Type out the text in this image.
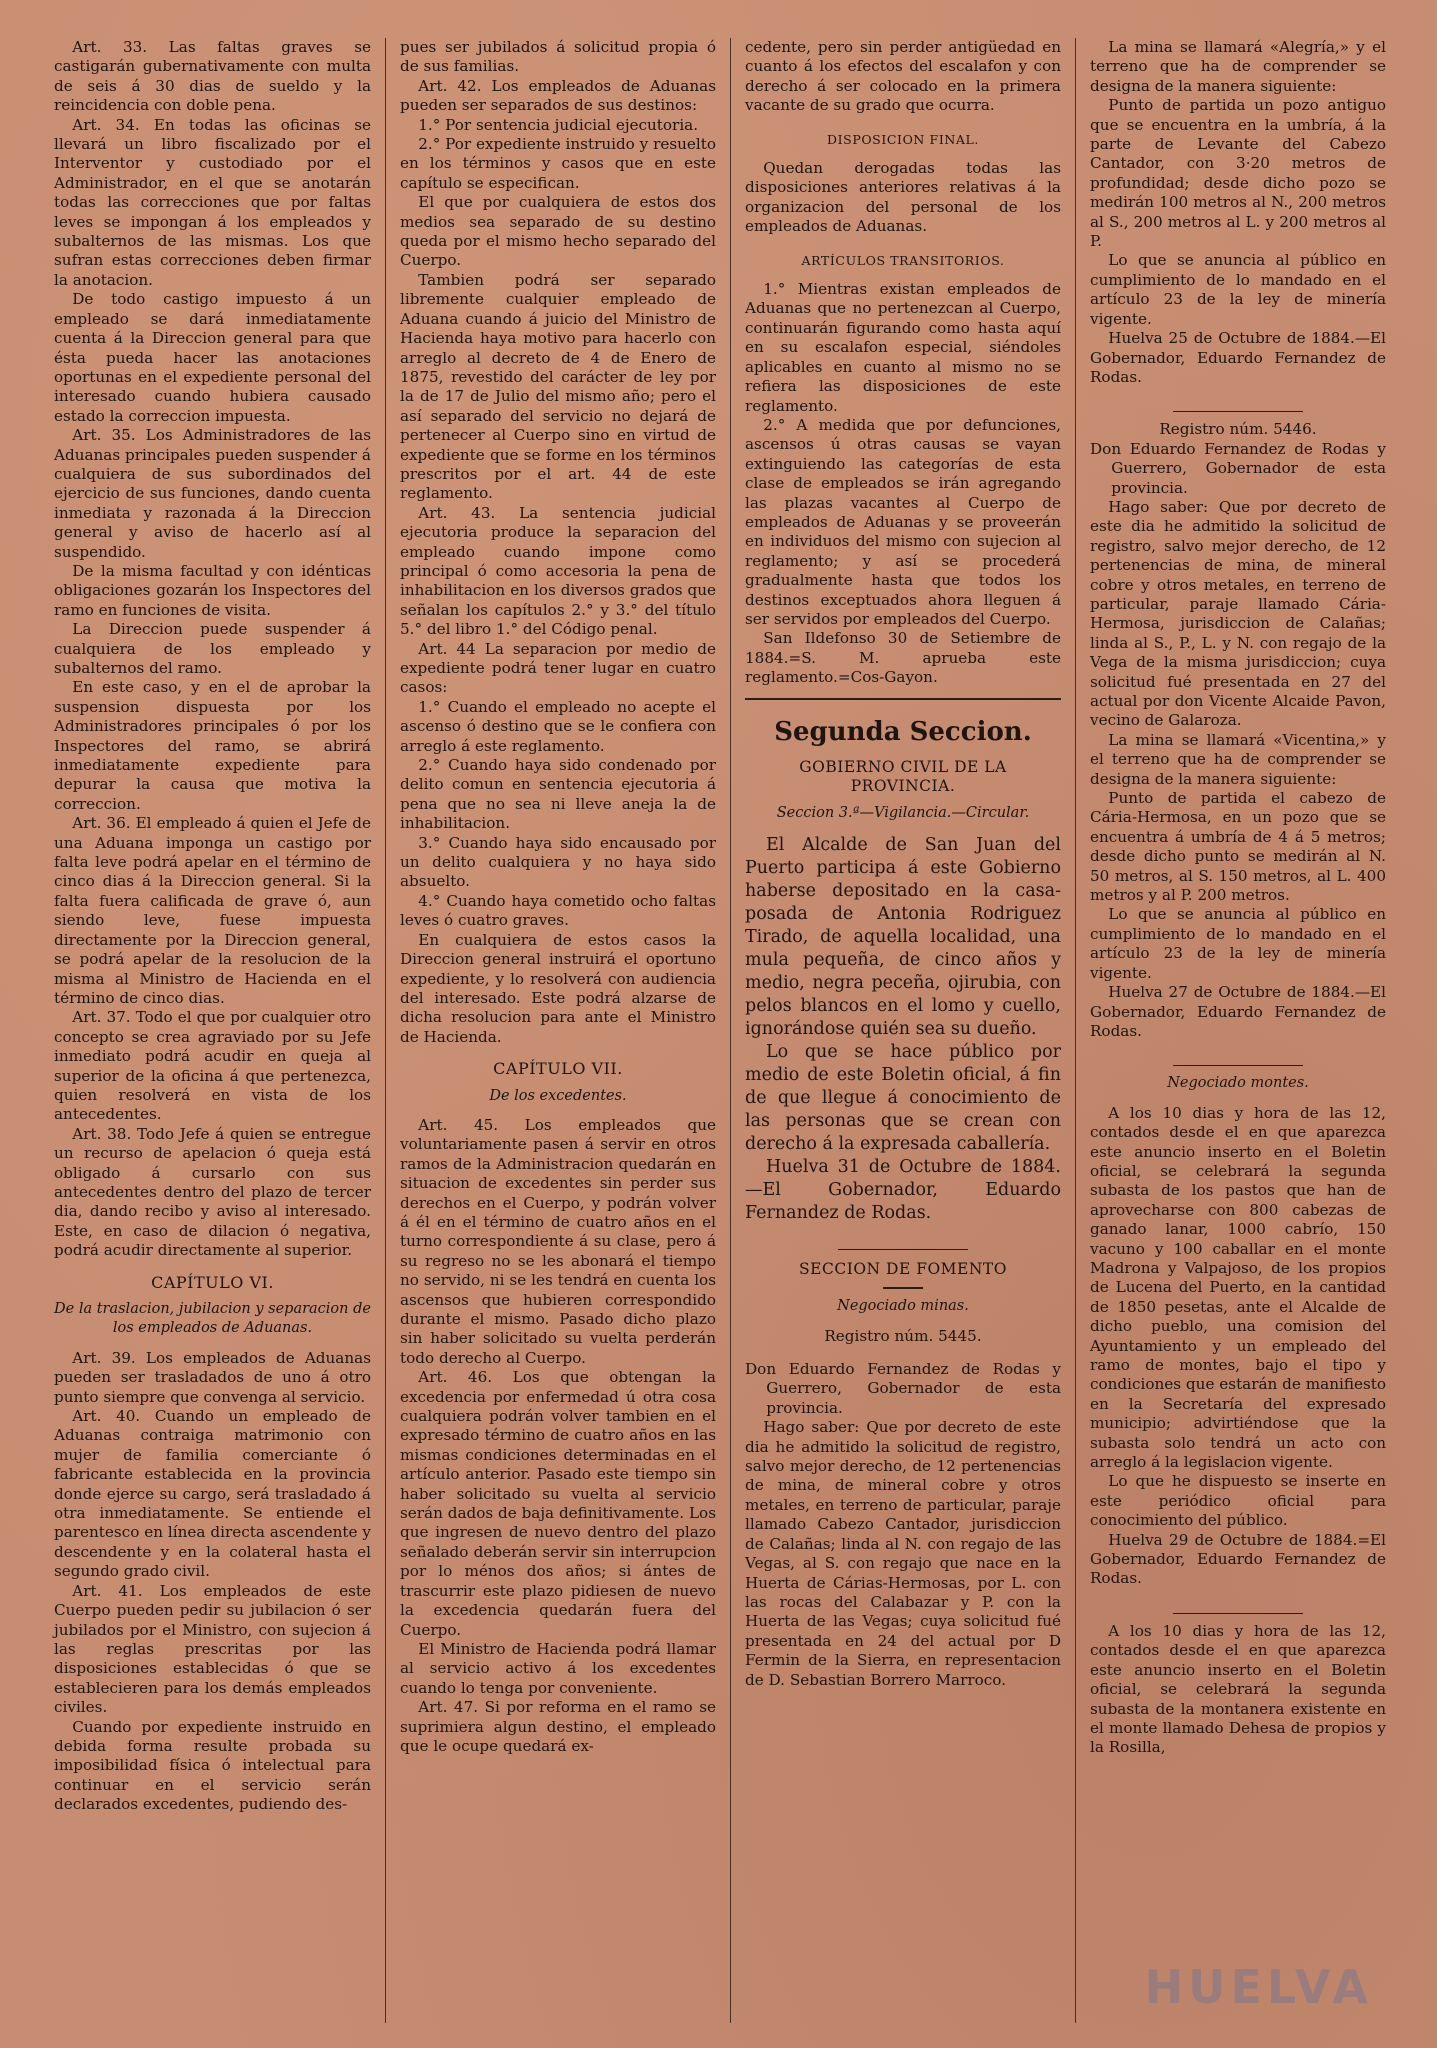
Art. 33. Las faltas graves se castigarán gubernativamente con multa de seis á 30 dias de sueldo y la reincidencia con doble pena.

Art. 34. En todas las oficinas se llevará un libro fiscalizado por el Interventor y custodiado por el Administrador, en el que se anotarán todas las correcciones que por faltas leves se impongan á los empleados y subalternos de las mismas. Los que sufran estas correcciones deben firmar la anotacion.

De todo castigo impuesto á un empleado se dará inmediatamente cuenta á la Direccion general para que ésta pueda hacer las anotaciones oportunas en el expediente personal del interesado cuando hubiera causado estado la correccion impuesta.

Art. 35. Los Administradores de las Aduanas principales pueden suspender á cualquiera de sus subordinados del ejercicio de sus funciones, dando cuenta inmediata y razonada á la Direccion general y aviso de hacerlo así al suspendido.

De la misma facultad y con idénticas obligaciones gozarán los Inspectores del ramo en funciones de visita.

La Direccion puede suspender á cualquiera de los empleado y subalternos del ramo.

En este caso, y en el de aprobar la suspension dispuesta por los Administradores principales ó por los Inspectores del ramo, se abrirá inmediatamente expediente para depurar la causa que motiva la correccion.

Art. 36. El empleado á quien el Jefe de una Aduana imponga un castigo por falta leve podrá apelar en el término de cinco dias á la Direccion general. Si la falta fuera calificada de grave ó, aun siendo leve, fuese impuesta directamente por la Direccion general, se podrá apelar de la resolucion de la misma al Ministro de Hacienda en el término de cinco dias.

Art. 37. Todo el que por cualquier otro concepto se crea agraviado por su Jefe inmediato podrá acudir en queja al superior de la oficina á que pertenezca, quien resolverá en vista de los antecedentes.

Art. 38. Todo Jefe á quien se entregue un recurso de apelacion ó queja está obligado á cursarlo con sus antecedentes dentro del plazo de tercer dia, dando recibo y aviso al interesado. Este, en caso de dilacion ó negativa, podrá acudir directamente al superior.

CAPÍTULO VI.
De la traslacion, jubilacion y separacion de los empleados de Aduanas.

Art. 39. Los empleados de Aduanas pueden ser trasladados de uno á otro punto siempre que convenga al servicio.

Art. 40. Cuando un empleado de Aduanas contraiga matrimonio con mujer de familia comerciante ó fabricante establecida en la provincia donde ejerce su cargo, será trasladado á otra inmediatamente. Se entiende el parentesco en línea directa ascendente y descendente y en la colateral hasta el segundo grado civil.

Art. 41. Los empleados de este Cuerpo pueden pedir su jubilacion ó ser jubilados por el Ministro, con sujecion á las reglas prescritas por las disposiciones establecidas ó que se establecieren para los demás empleados civiles.

Cuando por expediente instruido en debida forma resulte probada su imposibilidad física ó intelectual para continuar en el servicio serán declarados excedentes, pudiendo des-

pues ser jubilados á solicitud propia ó de sus familias.

Art. 42. Los empleados de Aduanas pueden ser separados de sus destinos:

1.° Por sentencia judicial ejecutoria.

2.° Por expediente instruido y resuelto en los términos y casos que en este capítulo se especifican.

El que por cualquiera de estos dos medios sea separado de su destino queda por el mismo hecho separado del Cuerpo.

Tambien podrá ser separado libremente cualquier empleado de Aduana cuando á juicio del Ministro de Hacienda haya motivo para hacerlo con arreglo al decreto de 4 de Enero de 1875, revestido del carácter de ley por la de 17 de Julio del mismo año; pero el así separado del servicio no dejará de pertenecer al Cuerpo sino en virtud de expediente que se forme en los términos prescritos por el art. 44 de este reglamento.

Art. 43. La sentencia judicial ejecutoria produce la separacion del empleado cuando impone como principal ó como accesoria la pena de inhabilitacion en los diversos grados que señalan los capítulos 2.° y 3.° del título 5.° del libro 1.° del Código penal.

Art. 44 La separacion por medio de expediente podrá tener lugar en cuatro casos:

1.° Cuando el empleado no acepte el ascenso ó destino que se le confiera con arreglo á este reglamento.

2.° Cuando haya sido condenado por delito comun en sentencia ejecutoria á pena que no sea ni lleve aneja la de inhabilitacion.

3.° Cuando haya sido encausado por un delito cualquiera y no haya sido absuelto.

4.° Cuando haya cometido ocho faltas leves ó cuatro graves.

En cualquiera de estos casos la Direccion general instruirá el oportuno expediente, y lo resolverá con audiencia del interesado. Este podrá alzarse de dicha resolucion para ante el Ministro de Hacienda.

CAPÍTULO VII.
De los excedentes.

Art. 45. Los empleados que voluntariamente pasen á servir en otros ramos de la Administracion quedarán en situacion de excedentes sin perder sus derechos en el Cuerpo, y podrán volver á él en el término de cuatro años en el turno correspondiente á su clase, pero á su regreso no se les abonará el tiempo no servido, ni se les tendrá en cuenta los ascensos que hubieren correspondido durante el mismo. Pasado dicho plazo sin haber solicitado su vuelta perderán todo derecho al Cuerpo.

Art. 46. Los que obtengan la excedencia por enfermedad ú otra cosa cualquiera podrán volver tambien en el expresado término de cuatro años en las mismas condiciones determinadas en el artículo anterior. Pasado este tiempo sin haber solicitado su vuelta al servicio serán dados de baja definitivamente. Los que ingresen de nuevo dentro del plazo señalado deberán servir sin interrupcion por lo ménos dos años; si ántes de trascurrir este plazo pidiesen de nuevo la excedencia quedarán fuera del Cuerpo.

El Ministro de Hacienda podrá llamar al servicio activo á los excedentes cuando lo tenga por conveniente.

Art. 47. Si por reforma en el ramo se suprimiera algun destino, el empleado que le ocupe quedará ex-

cedente, pero sin perder antigüedad en cuanto á los efectos del escalafon y con derecho á ser colocado en la primera vacante de su grado que ocurra.

DISPOSICION FINAL.

Quedan derogadas todas las disposiciones anteriores relativas á la organizacion del personal de los empleados de Aduanas.

ARTÍCULOS TRANSITORIOS.

1.° Mientras existan empleados de Aduanas que no pertenezcan al Cuerpo, continuarán figurando como hasta aquí en su escalafon especial, siéndoles aplicables en cuanto al mismo no se refiera las disposiciones de este reglamento.

2.° A medida que por defunciones, ascensos ú otras causas se vayan extinguiendo las categorías de esta clase de empleados se irán agregando las plazas vacantes al Cuerpo de empleados de Aduanas y se proveerán en individuos del mismo con sujecion al reglamento; y así se procederá gradualmente hasta que todos los destinos exceptuados ahora lleguen á ser servidos por empleados del Cuerpo.

San Ildefonso 30 de Setiembre de 1884.=S. M. aprueba este reglamento.=Cos-Gayon.

Segunda Seccion.
GOBIERNO CIVIL DE LA PROVINCIA.
Seccion 3.ª—Vigilancia.—Circular.

El Alcalde de San Juan del Puerto participa á este Gobierno haberse depositado en la casa-posada de Antonia Rodriguez Tirado, de aquella localidad, una mula pequeña, de cinco años y medio, negra peceña, ojirubia, con pelos blancos en el lomo y cuello, ignorándose quién sea su dueño.

Lo que se hace público por medio de este Boletin oficial, á fin de que llegue á conocimiento de las personas que se crean con derecho á la expresada caballería.

Huelva 31 de Octubre de 1884. —El Gobernador, Eduardo Fernandez de Rodas.

SECCION DE FOMENTO
Negociado minas.
Registro núm. 5445.

Don Eduardo Fernandez de Rodas y Guerrero, Gobernador de esta provincia.

Hago saber: Que por decreto de este dia he admitido la solicitud de registro, salvo mejor derecho, de 12 pertenencias de mina, de mineral cobre y otros metales, en terreno de particular, paraje llamado Cabezo Cantador, jurisdiccion de Calañas; linda al N. con regajo de las Vegas, al S. con regajo que nace en la Huerta de Cárias-Hermosas, por L. con las rocas del Calabazar y P. con la Huerta de las Vegas; cuya solicitud fué presentada en 24 del actual por D Fermin de la Sierra, en representacion de D. Sebastian Borrero Marroco.

La mina se llamará «Alegría,» y el terreno que ha de comprender se designa de la manera siguiente:

Punto de partida un pozo antiguo que se encuentra en la umbría, á la parte de Levante del Cabezo Cantador, con 3·20 metros de profundidad; desde dicho pozo se medirán 100 metros al N., 200 metros al S., 200 metros al L. y 200 metros al P.

Lo que se anuncia al público en cumplimiento de lo mandado en el artículo 23 de la ley de minería vigente.

Huelva 25 de Octubre de 1884.—El Gobernador, Eduardo Fernandez de Rodas.

Registro núm. 5446.

Don Eduardo Fernandez de Rodas y Guerrero, Gobernador de esta provincia.

Hago saber: Que por decreto de este dia he admitido la solicitud de registro, salvo mejor derecho, de 12 pertenencias de mina, de mineral cobre y otros metales, en terreno de particular, paraje llamado Cária-Hermosa, jurisdiccion de Calañas; linda al S., P., L. y N. con regajo de la Vega de la misma jurisdiccion; cuya solicitud fué presentada en 27 del actual por don Vicente Alcaide Pavon, vecino de Galaroza.

La mina se llamará «Vicentina,» y el terreno que ha de comprender se designa de la manera siguiente:

Punto de partida el cabezo de Cária-Hermosa, en un pozo que se encuentra á umbría de 4 á 5 metros; desde dicho punto se medirán al N. 50 metros, al S. 150 metros, al L. 400 metros y al P. 200 metros.

Lo que se anuncia al público en cumplimiento de lo mandado en el artículo 23 de la ley de minería vigente.

Huelva 27 de Octubre de 1884.—El Gobernador, Eduardo Fernandez de Rodas.

Negociado montes.

A los 10 dias y hora de las 12, contados desde el en que aparezca este anuncio inserto en el Boletin oficial, se celebrará la segunda subasta de los pastos que han de aprovecharse con 800 cabezas de ganado lanar, 1000 cabrío, 150 vacuno y 100 caballar en el monte Madrona y Valpajoso, de los propios de Lucena del Puerto, en la cantidad de 1850 pesetas, ante el Alcalde de dicho pueblo, una comision del Ayuntamiento y un empleado del ramo de montes, bajo el tipo y condiciones que estarán de manifiesto en la Secretaría del expresado municipio; advirtiéndose que la subasta solo tendrá un acto con arreglo á la legislacion vigente.

Lo que he dispuesto se inserte en este periódico oficial para conocimiento del público.

Huelva 29 de Octubre de 1884.=El Gobernador, Eduardo Fernandez de Rodas.

A los 10 dias y hora de las 12, contados desde el en que aparezca este anuncio inserto en el Boletin oficial, se celebrará la segunda subasta de la montanera existente en el monte llamado Dehesa de propios y la Rosilla,

HUELVA
